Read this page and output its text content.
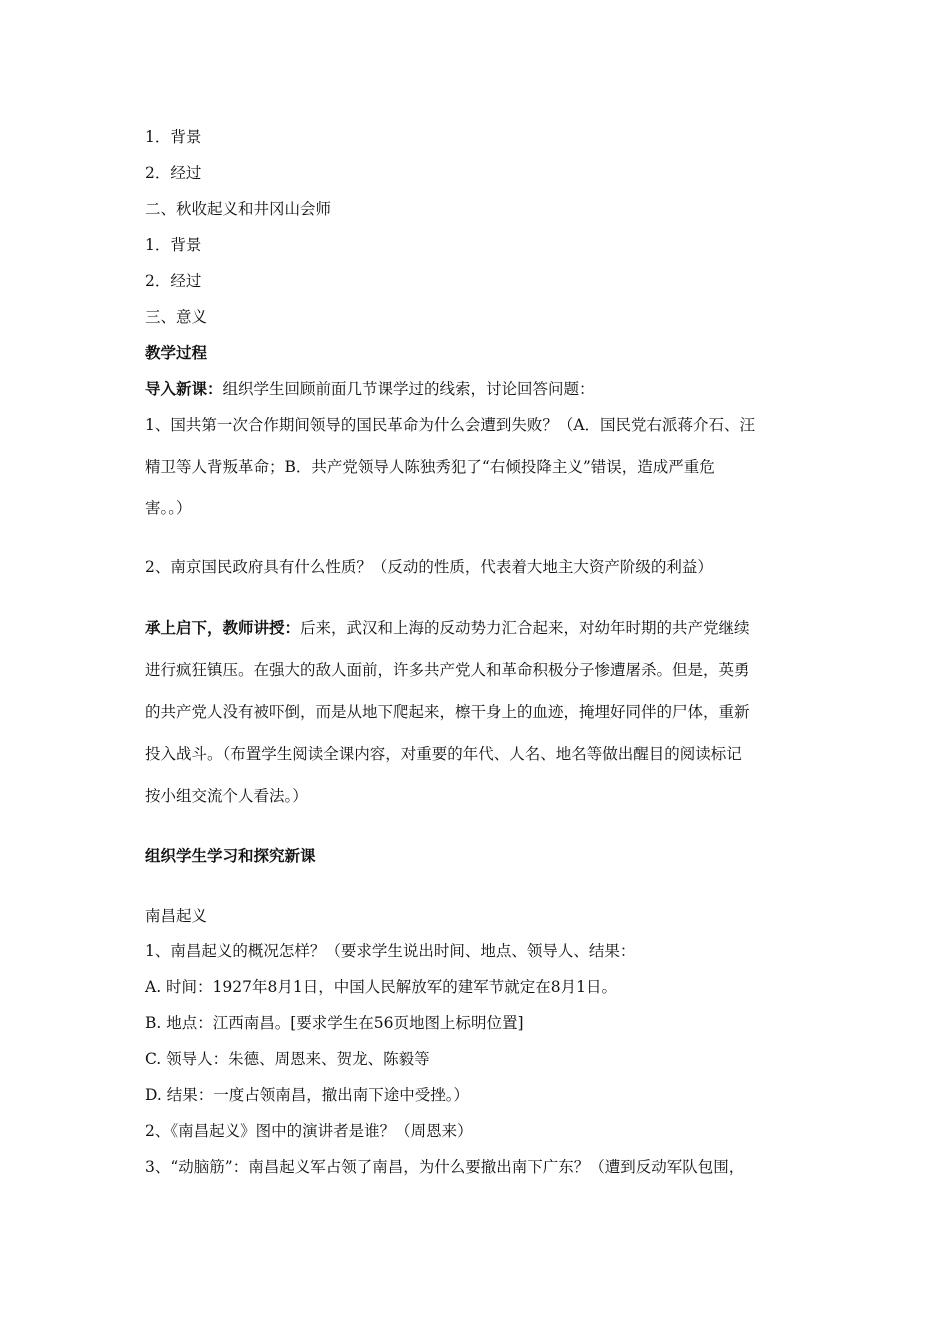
1．背景
2．经过
二、秋收起义和井冈山会师
1．背景
2．经过
三、意义
教学过程
导入新课：组织学生回顾前面几节课学过的线索，讨论回答问题：
1、国共第一次合作期间领导的国民革命为什么会遭到失败？（A．国民党右派蒋介石、汪
精卫等人背叛革命；B．共产党领导人陈独秀犯了“右倾投降主义”错误，造成严重危
害。。）
2、南京国民政府具有什么性质？（反动的性质，代表着大地主大资产阶级的利益）
承上启下，教师讲授：后来，武汉和上海的反动势力汇合起来，对幼年时期的共产党继续
进行疯狂镇压。在强大的敌人面前，许多共产党人和革命积极分子惨遭屠杀。但是，英勇
的共产党人没有被吓倒，而是从地下爬起来，檫干身上的血迹，掩埋好同伴的尸体，重新
投入战斗。（布置学生阅读全课内容，对重要的年代、人名、地名等做出醒目的阅读标记
按小组交流个人看法。）
组织学生学习和探究新课
南昌起义
1、南昌起义的概况怎样？（要求学生说出时间、地点、领导人、结果：
A. 时间：1927年8月1日，中国人民解放军的建军节就定在8月1日。
B. 地点：江西南昌。[要求学生在56页地图上标明位置]
C. 领导人：朱德、周恩来、贺龙、陈毅等
D. 结果：一度占领南昌，撤出南下途中受挫。）
2、《南昌起义》图中的演讲者是谁？（周恩来）
3、“动脑筋”：南昌起义军占领了南昌，为什么要撤出南下广东？（遭到反动军队包围，
